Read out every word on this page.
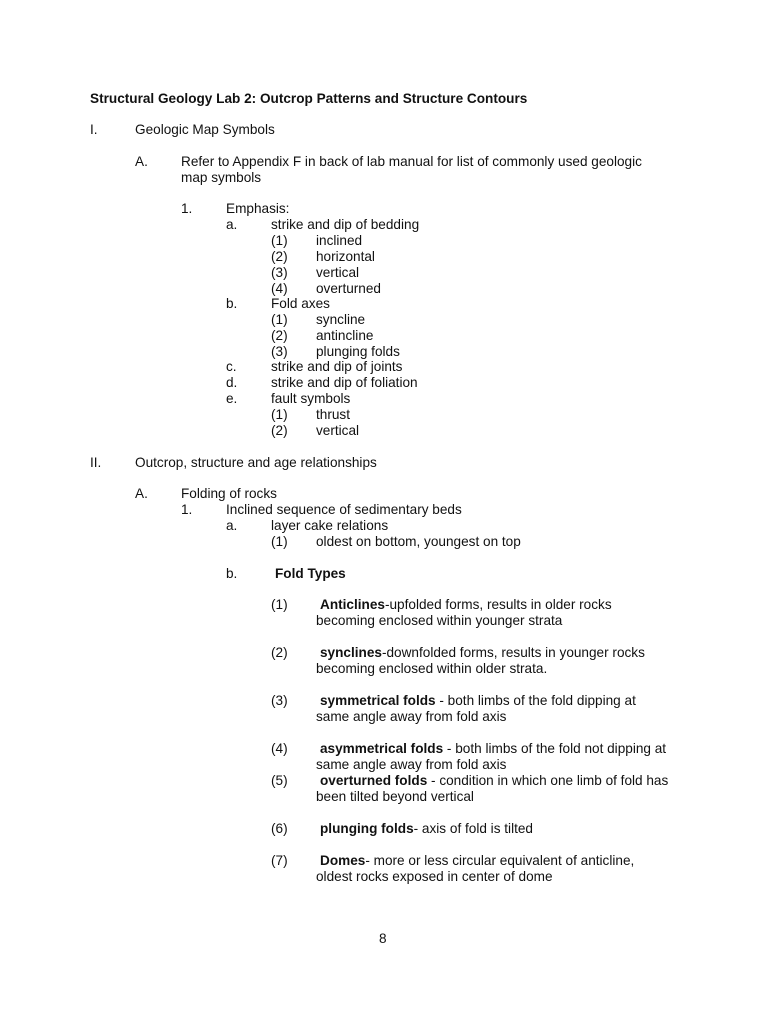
Structural Geology Lab 2: Outcrop Patterns and Structure Contours
I.	Geologic Map Symbols
A. Refer to Appendix F in back of lab manual for list of commonly used geologic
map symbols
1. Emphasis:
a. strike and dip of bedding
(1) inclined
(2) horizontal
(3) vertical
(4) overturned
b. Fold axes
(1) syncline
(2) antincline
(3) plunging folds
c.	strike and dip of joints
d. strike and dip of foliation
e. fault symbols
(1) thrust
(2) vertical
II. Outcrop, structure and age relationships
A. Folding of rocks
1. Inclined sequence of sedimentary beds
a. layer cake relations
(1) oldest on bottom, youngest on top
b.	Fold Types
(1) Anticlines-upfolded forms, results in older rocks
becoming enclosed within younger strata
(2) synclines-downfolded forms, results in younger rocks
becoming enclosed within older strata.
(3) symmetrical folds - both limbs of the fold dipping at
same angle away from fold axis
(4) asymmetrical folds - both limbs of the fold not dipping at
same angle away from fold axis
(5) overturned folds - condition in which one limb of fold has
been tilted beyond vertical
(6) plunging folds- axis of fold is tilted
(7) Domes- more or less circular equivalent of anticline,
oldest rocks exposed in center of dome
8
